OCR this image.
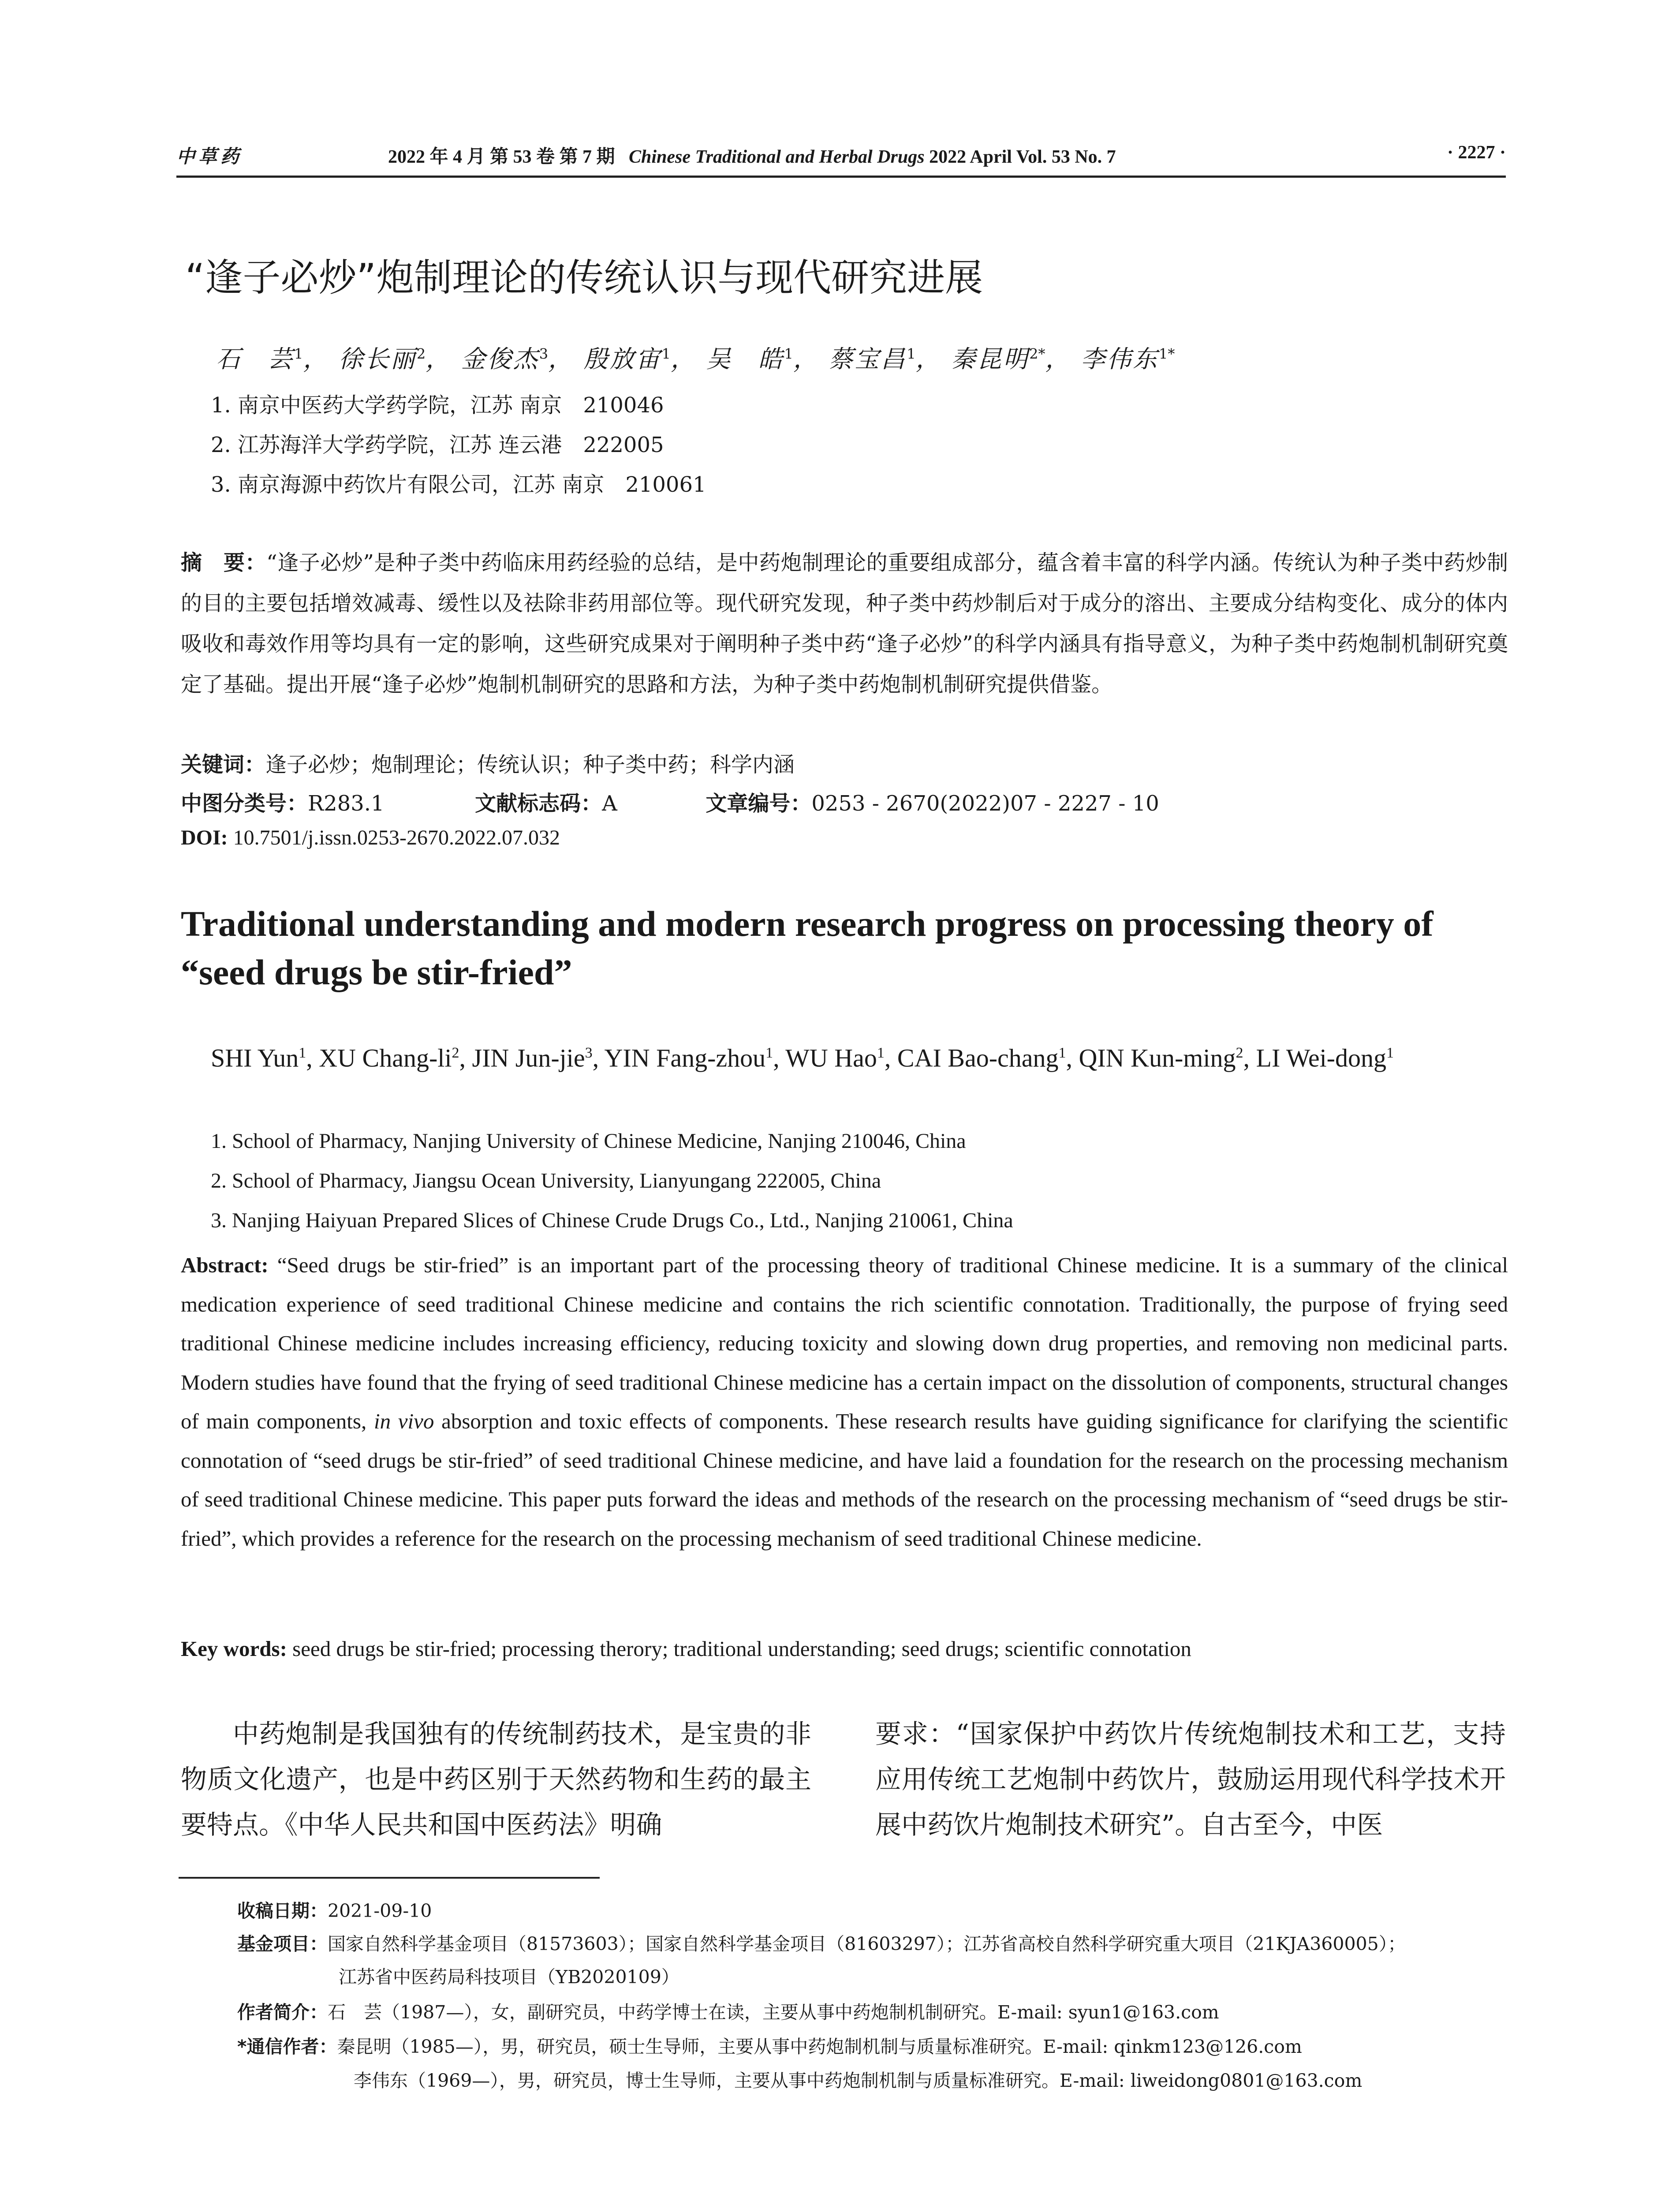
中草药	2022 年 4 月 第 53 卷 第 7 期 Chinese Traditional and Herbal Drugs 2022 April Vol. 53 No. 7	· 2227 ·
“逢子必炒”炮制理论的传统认识与现代研究进展
石　芸$^1$， 徐长丽$^2$， 金俊杰$^3$， 殷放宙$^1$， 吴　皓$^1$， 蔡宝昌$^1$， 秦昆明$^{2*}$， 李伟东$^{1*}$
1. 南京中医药大学药学院，江苏 南京　210046
2. 江苏海洋大学药学院，江苏 连云港　222005
3. 南京海源中药饮片有限公司，江苏 南京　210061
摘　要：“逢子必炒”是种子类中药临床用药经验的总结，是中药炮制理论的重要组成部分，蕴含着丰富的科学内涵。传统认为种子类中药炒制的目的主要包括增效减毒、缓性以及祛除非药用部位等。现代研究发现，种子类中药炒制后对于成分的溶出、主要成分结构变化、成分的体内吸收和毒效作用等均具有一定的影响，这些研究成果对于阐明种子类中药“逢子必炒”的科学内涵具有指导意义，为种子类中药炮制机制研究奠定了基础。提出开展“逢子必炒”炮制机制研究的思路和方法，为种子类中药炮制机制研究提供借鉴。
关键词：逢子必炒；炮制理论；传统认识；种子类中药；科学内涵
中图分类号：R283.1	文献标志码：A	文章编号：0253 - 2670(2022)07 - 2227 - 10
DOI: 10.7501/j.issn.0253-2670.2022.07.032
Traditional understanding and modern research progress on processing theory of “seed drugs be stir-fried”
SHI Yun$^1$, XU Chang-$li^2$, JIN Jun-jie$^3$, YIN Fang-zhou$^1$, WU Hao$^1$, CAI Bao-chang$^1$, QIN Kun-ming$^2$, LI Wei-dong$^1$
1. School of Pharmacy, Nanjing University of Chinese Medicine, Nanjing 210046, China
2. School of Pharmacy, Jiangsu Ocean University, Lianyungang 222005, China
3. Nanjing Haiyuan Prepared Slices of Chinese Crude Drugs Co., Ltd., Nanjing 210061, China
Abstract: “Seed drugs be stir-fried” is an important part of the processing theory of traditional Chinese medicine. It is a summary of the clinical medication experience of seed traditional Chinese medicine and contains the rich scientific connotation. Traditionally, the purpose of frying seed traditional Chinese medicine includes increasing efficiency, reducing toxicity and slowing down drug properties, and removing non medicinal parts. Modern studies have found that the frying of seed traditional Chinese medicine has a certain impact on the dissolution of components, structural changes of main components, in vivo absorption and toxic effects of components. These research results have guiding significance for clarifying the scientific connotation of “seed drugs be stir-fried” of seed traditional Chinese medicine, and have laid a foundation for the research on the processing mechanism of seed traditional Chinese medicine. This paper puts forward the ideas and methods of the research on the processing mechanism of “seed drugs be stir-fried”, which provides a reference for the research on the processing mechanism of seed traditional Chinese medicine.
Key words: seed drugs be stir-fried; processing therory; traditional understanding; seed drugs; scientific connotation
中药炮制是我国独有的传统制药技术，是宝贵的非物质文化遗产，也是中药区别于天然药物和生药的最主要特点。《中华人民共和国中医药法》明确
要求：“国家保护中药饮片传统炮制技术和工艺，支持应用传统工艺炮制中药饮片，鼓励运用现代科学技术开展中药饮片炮制技术研究”。自古至今，中医
收稿日期：2021-09-10
基金项目：国家自然科学基金项目（81573603）；国家自然科学基金项目（81603297）；江苏省高校自然科学研究重大项目（21KJA360005）；
江苏省中医药局科技项目（YB2020109）
作者简介：石　芸（1987—），女，副研究员，中药学博士在读，主要从事中药炮制机制研究。E-mail: syun1@163.com
*通信作者：秦昆明（1985—），男，研究员，硕士生导师，主要从事中药炮制机制与质量标准研究。E-mail: qinkm123@126.com
李伟东（1969—），男，研究员，博士生导师，主要从事中药炮制机制与质量标准研究。E-mail: liweidong0801@163.com
